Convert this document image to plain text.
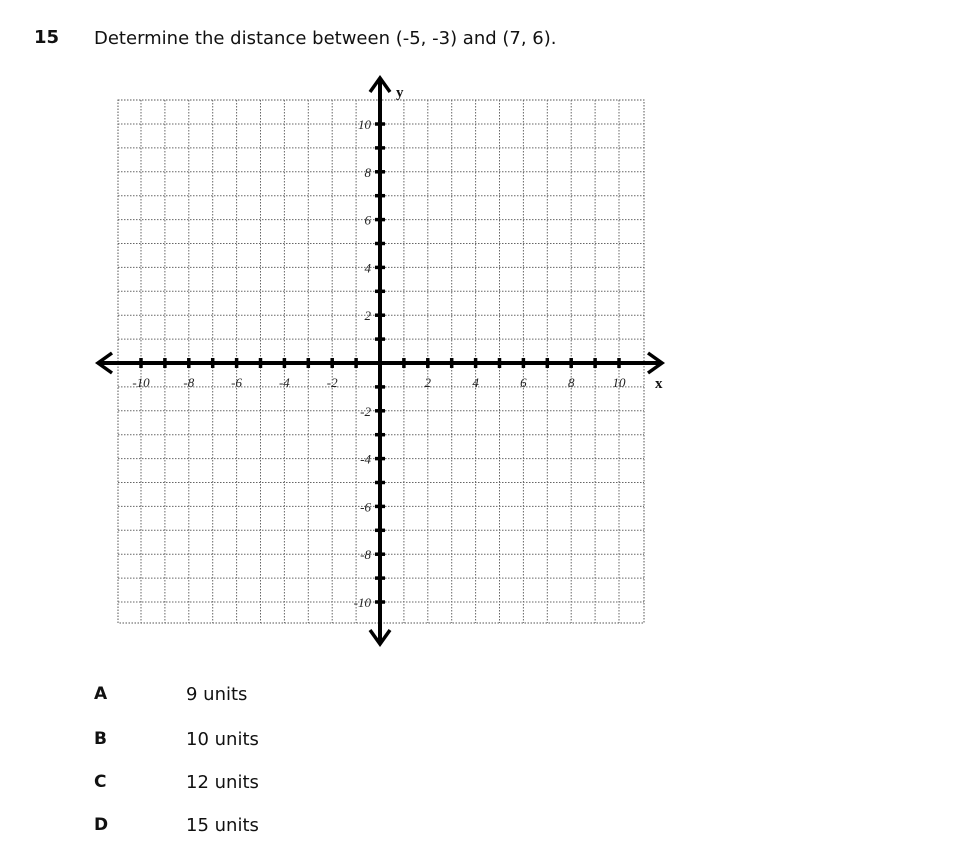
15 Determine the distance between (-5, -3) and (7, 6).
-10	-8	-6	-4	-2	2	4	6	8	10
10
8
6
4
2
-2
-4
-6
-8
-10
x
y
A	9 units
B	10 units
C	12 units
D	15 units
